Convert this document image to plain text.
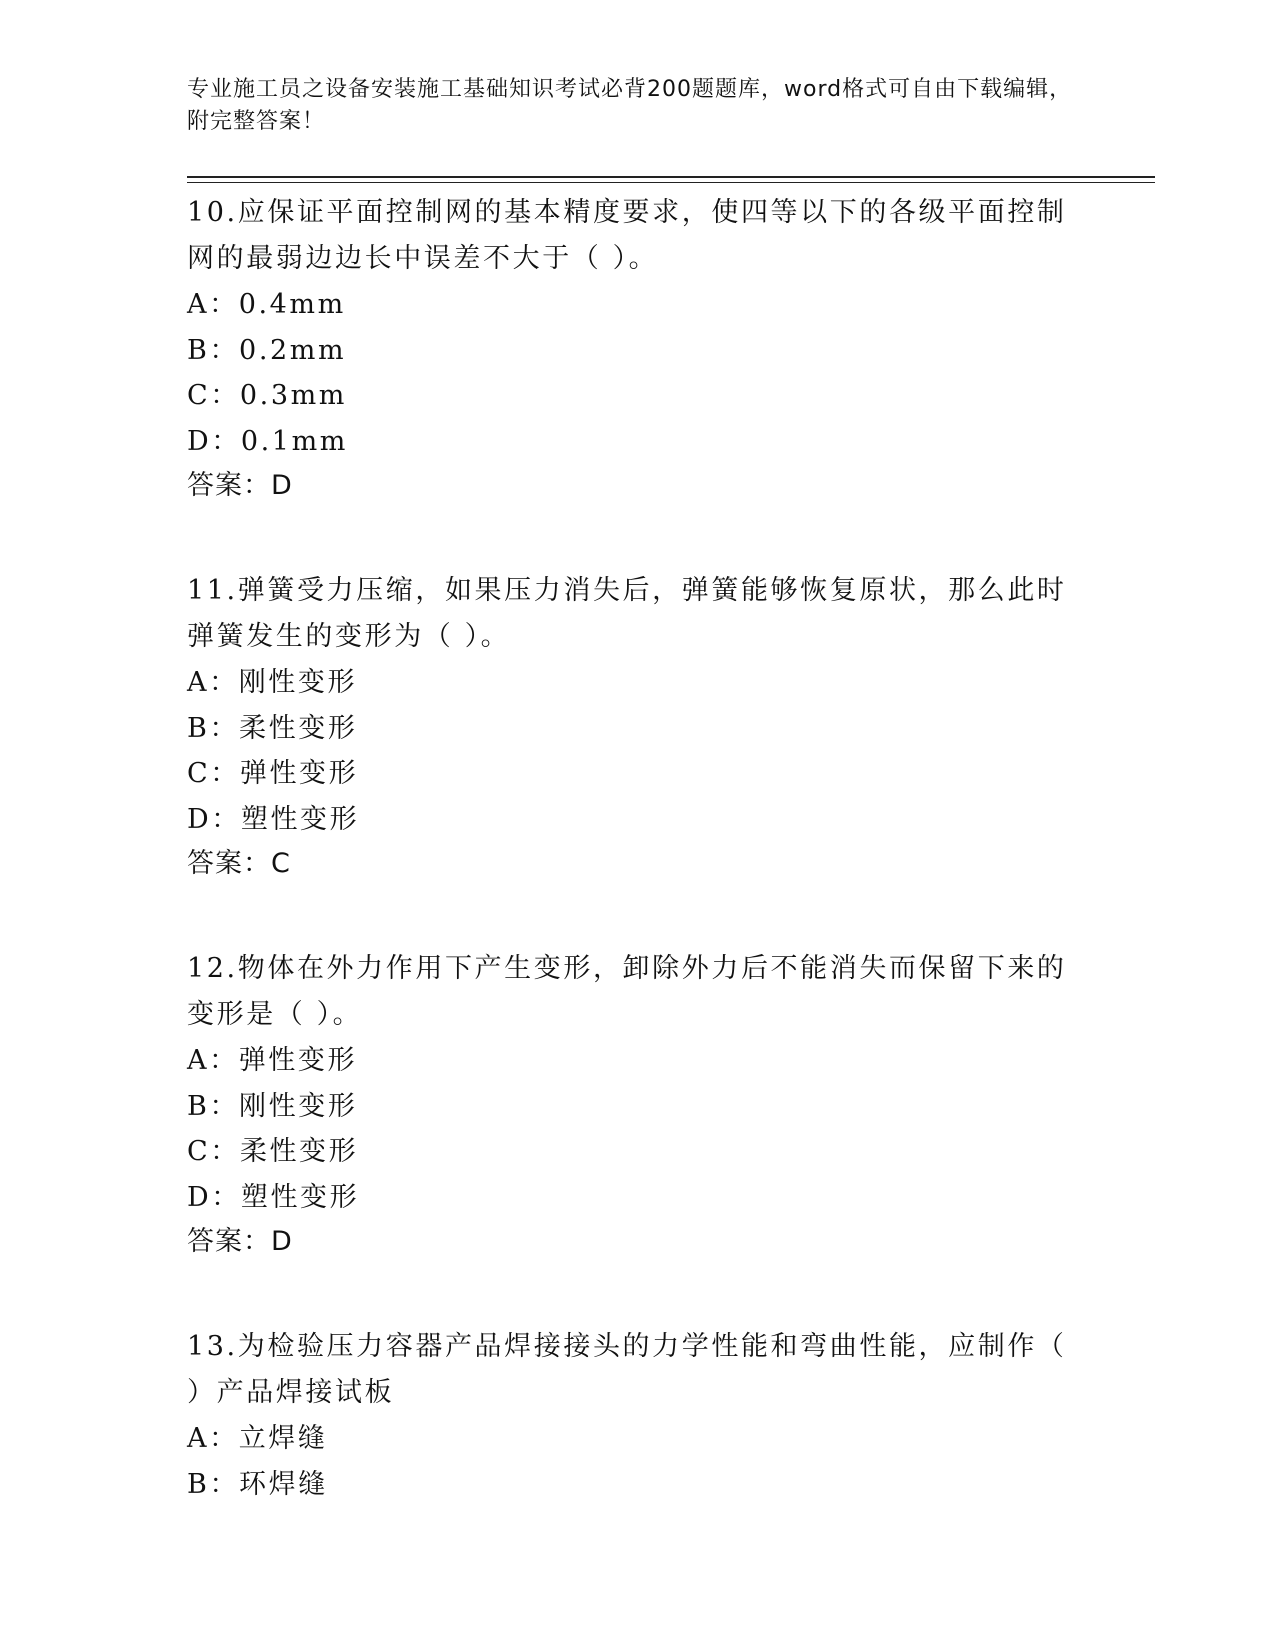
专业施工员之设备安装施工基础知识考试必背200题题库，word格式可自由下载编辑，附完整答案！

10.应保证平面控制网的基本精度要求，使四等以下的各级平面控制网的最弱边边长中误差不大于（ ）。

A：0.4mm

B：0.2mm

C：0.3mm

D：0.1mm

答案：D

11.弹簧受力压缩，如果压力消失后，弹簧能够恢复原状，那么此时弹簧发生的变形为（ ）。

A：刚性变形

B：柔性变形

C：弹性变形

D：塑性变形

答案：C

12.物体在外力作用下产生变形，卸除外力后不能消失而保留下来的变形是（ ）。

A：弹性变形

B：刚性变形

C：柔性变形

D：塑性变形

答案：D

13.为检验压力容器产品焊接接头的力学性能和弯曲性能，应制作（ ）产品焊接试板

A：立焊缝

B：环焊缝
